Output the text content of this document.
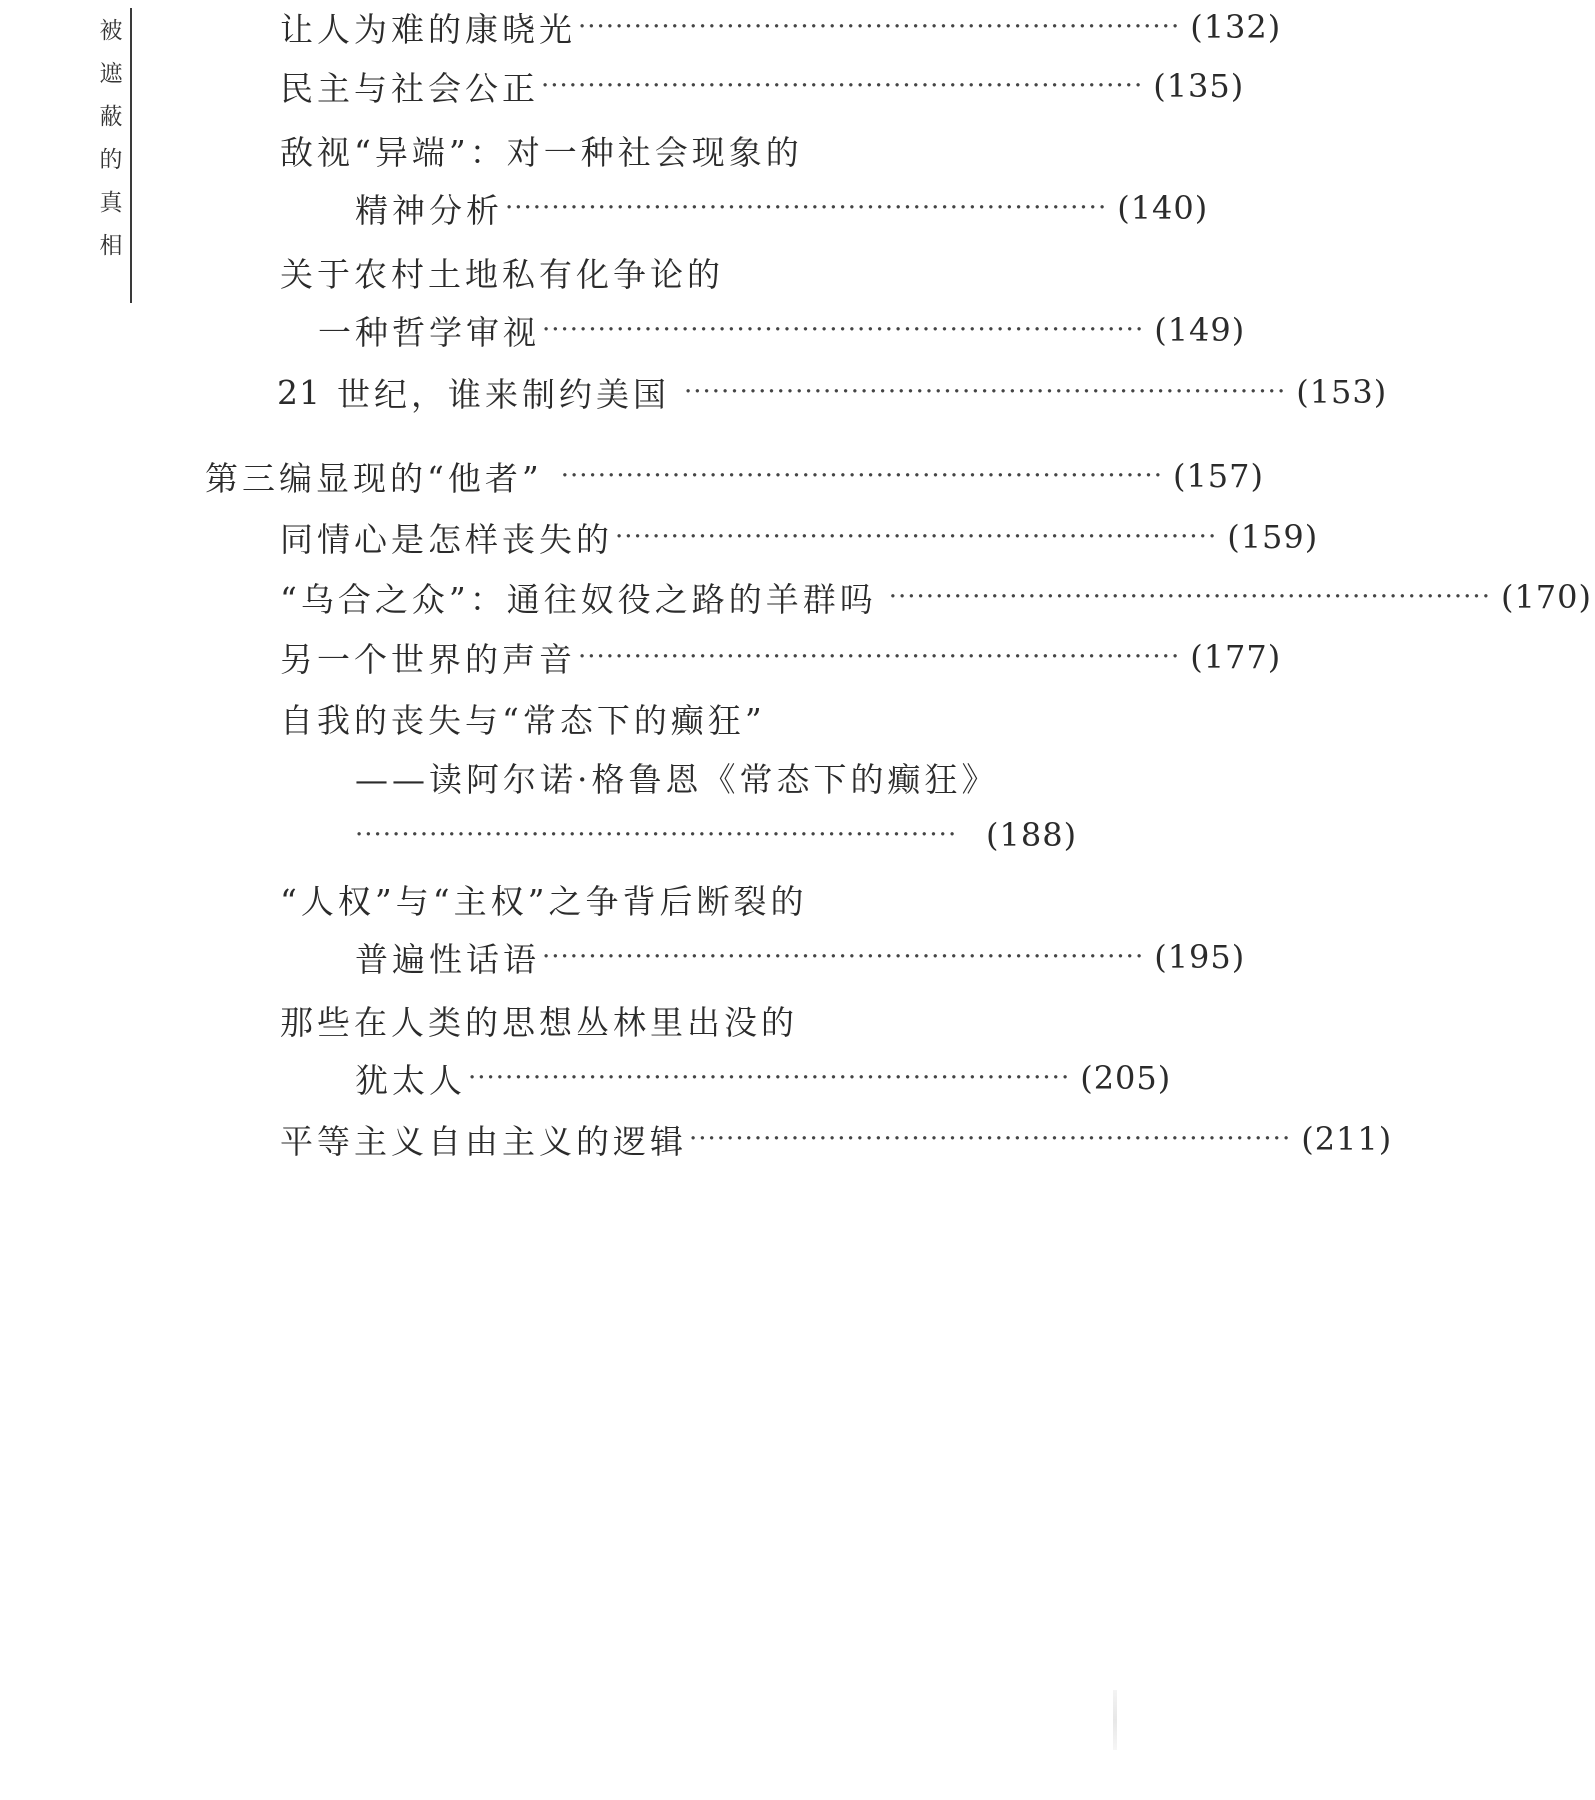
被
遮
蔽
的
真
相
让人为难的康晓光 ································································· (132)
民主与社会公正 ································································· (135)
敌视“异端”：对一种社会现象的
精神分析 ································································· (140)
关于农村土地私有化争论的
一种哲学审视 ································································· (149)
21 世纪，谁来制约美国 ································································· (153)
第三编 显现的“他者” ································································· (157)
同情心是怎样丧失的 ································································· (159)
“乌合之众”：通往奴役之路的羊群吗 ································································· (170)
另一个世界的声音 ································································· (177)
自我的丧失与“常态下的癫狂”
——读阿尔诺·格鲁恩《常态下的癫狂》
································································· (188)
“人权”与“主权”之争背后断裂的
普遍性话语 ································································· (195)
那些在人类的思想丛林里出没的
犹太人 ································································· (205)
平等主义自由主义的逻辑 ································································· (211)
